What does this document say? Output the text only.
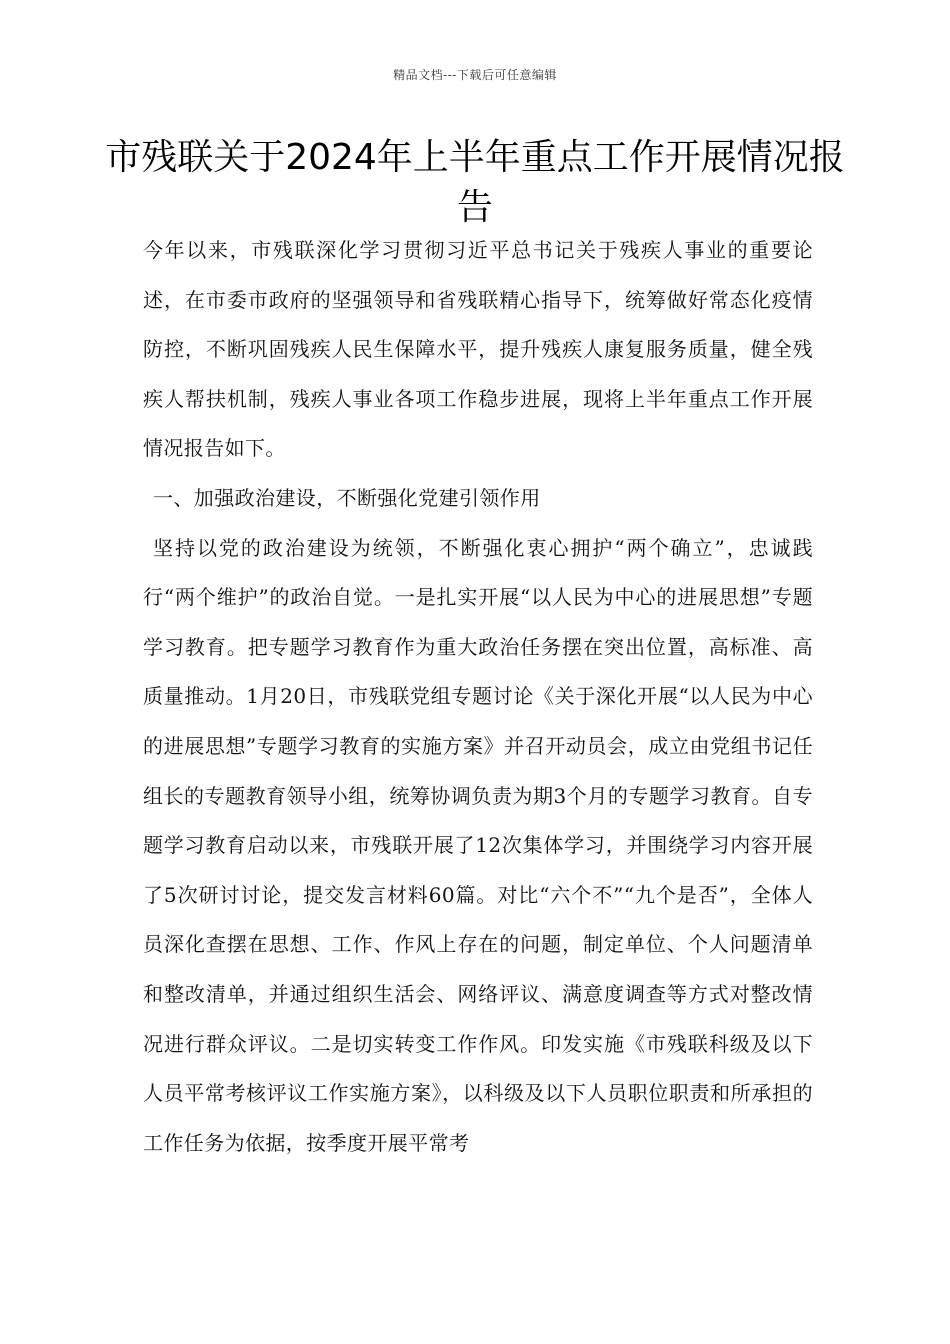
精品文档---下载后可任意编辑
市残联关于2024年上半年重点工作开展情况报告

今年以来，市残联深化学习贯彻习近平总书记关于残疾人事业的重要论述，在市委市政府的坚强领导和省残联精心指导下，统筹做好常态化疫情防控，不断巩固残疾人民生保障水平，提升残疾人康复服务质量，健全残疾人帮扶机制，残疾人事业各项工作稳步进展，现将上半年重点工作开展情况报告如下。

一、加强政治建设，不断强化党建引领作用

坚持以党的政治建设为统领，不断强化衷心拥护“两个确立”，忠诚践行“两个维护”的政治自觉。一是扎实开展“以人民为中心的进展思想”专题学习教育。把专题学习教育作为重大政治任务摆在突出位置，高标准、高质量推动。1月20日，市残联党组专题讨论《关于深化开展“以人民为中心的进展思想”专题学习教育的实施方案》并召开动员会，成立由党组书记任组长的专题教育领导小组，统筹协调负责为期3个月的专题学习教育。自专题学习教育启动以来，市残联开展了12次集体学习，并围绕学习内容开展了5次研讨讨论，提交发言材料60篇。对比“六个不”“九个是否”，全体人员深化查摆在思想、工作、作风上存在的问题，制定单位、个人问题清单和整改清单，并通过组织生活会、网络评议、满意度调查等方式对整改情况进行群众评议。二是切实转变工作作风。印发实施《市残联科级及以下人员平常考核评议工作实施方案》，以科级及以下人员职位职责和所承担的工作任务为依据，按季度开展平常考
